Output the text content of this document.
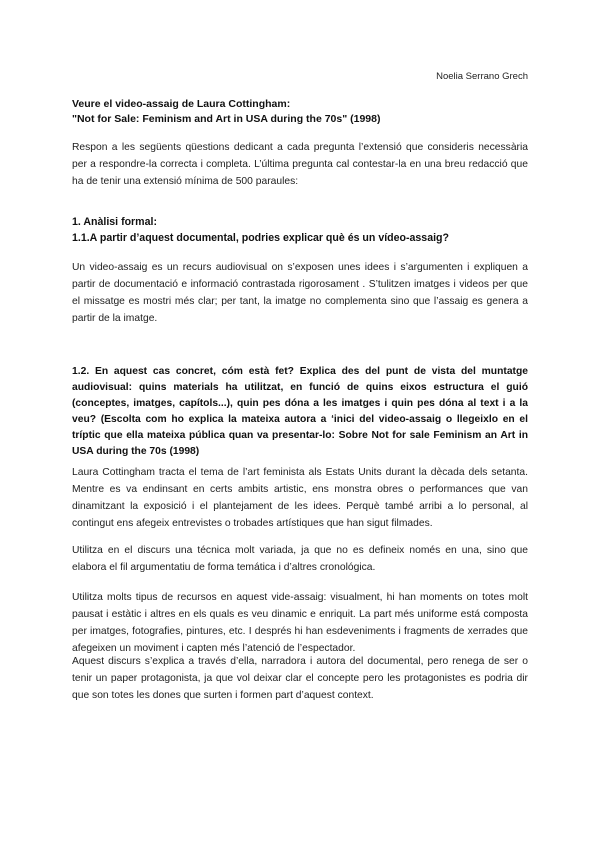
Noelia Serrano Grech

Veure el video-assaig de Laura Cottingham:

"Not for Sale: Feminism and Art in USA during the 70s" (1998)

Respon a les següents qüestions dedicant a cada pregunta l’extensió que consideris necessària per a respondre-la correcta i completa. L’última pregunta cal contestar-la en una breu redacció que ha de tenir una extensió mínima de 500 paraules:

1. Anàlisi formal:

1.1.A partir d’aquest documental, podries explicar què és un vídeo-assaig?

Un video-assaig es un recurs audiovisual on s’exposen unes idees i s’argumenten i expliquen a partir de documentació e informació contrastada rigorosament . S’tulitzen imatges i videos per que el missatge es mostri més clar; per tant, la imatge no complementa sino que l’assaig es genera a partir de la imatge.

1.2. En aquest cas concret, cóm està fet? Explica des del punt de vista del muntatge audiovisual: quins materials ha utilitzat, en funció de quins eixos estructura el guió (conceptes, imatges, capítols...), quin pes dóna a les imatges i quin pes dóna al text i a la veu? (Escolta com ho explica la mateixa autora a ‘inici del video-assaig o llegeixlo en el tríptic que ella mateixa pública quan va presentar-lo: Sobre Not for sale Feminism an Art in USA during the 70s (1998)

Laura Cottingham tracta el tema de l’art feminista als Estats Units durant la dècada dels setanta. Mentre es va endinsant en certs ambits artistic, ens monstra obres o performances que van dinamitzant la exposició i el plantejament de les idees. Perquè també arribi a lo personal, al contingut ens afegeix entrevistes o trobades artístiques que han sigut filmades.

Utilitza en el discurs una técnica molt variada, ja que no es defineix només en una, sino que elabora el fil argumentatiu de forma temática i d’altres cronológica.

Utilitza molts tipus de recursos en aquest vide-assaig: visualment, hi han moments on totes molt pausat i estàtic i altres en els quals es veu dinamic e enriquit. La part més uniforme está composta per imatges, fotografies, pintures, etc. I després hi han esdeveniments i fragments de xerrades que afegeixen un moviment i capten més l’atenció de l’espectador.

Aquest discurs s’explica a través d’ella, narradora i autora del documental, pero renega de ser o tenir un paper protagonista, ja que vol deixar clar el concepte pero les protagonistes es podria dir que son totes les dones que surten i formen part d’aquest context.
